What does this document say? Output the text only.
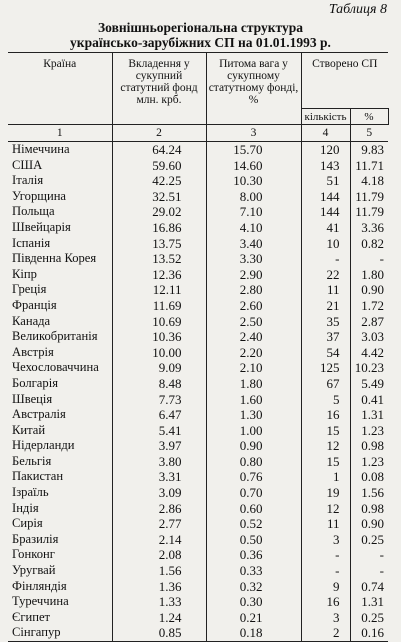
Таблиця 8
Зовнішньорегіональна структура
українсько-зарубіжних СП на 01.01.1993 р.
Країна	Вкладення у сукупний статутний фонд млн. крб.	Питома вага у сукупному статутному фонді, %	Створено СП	
			кількість	%
1	2	3	4	5
Німеччина	64.24	15.70	120	9.83
США	59.60	14.60	143	11.71
Італія	42.25	10.30	51	4.18
Угорщина	32.51	8.00	144	11.79
Польща	29.02	7.10	144	11.79
Швейцарія	16.86	4.10	41	3.36
Іспанія	13.75	3.40	10	0.82
Південна Корея	13.52	3.30	-	-
Кіпр	12.36	2.90	22	1.80
Греція	12.11	2.80	11	0.90
Франція	11.69	2.60	21	1.72
Канада	10.69	2.50	35	2.87
Великобританія	10.36	2.40	37	3.03
Австрія	10.00	2.20	54	4.42
Чехословаччина	9.09	2.10	125	10.23
Болгарія	8.48	1.80	67	5.49
Швеція	7.73	1.60	5	0.41
Австралія	6.47	1.30	16	1.31
Китай	5.41	1.00	15	1.23
Нідерланди	3.97	0.90	12	0.98
Бельгія	3.80	0.80	15	1.23
Пакистан	3.31	0.76	1	0.08
Ізраїль	3.09	0.70	19	1.56
Індія	2.86	0.60	12	0.98
Сирія	2.77	0.52	11	0.90
Бразилія	2.14	0.50	3	0.25
Гонконг	2.08	0.36	-	-
Уругвай	1.56	0.33	-	-
Фінляндія	1.36	0.32	9	0.74
Туреччина	1.33	0.30	16	1.31
Єгипет	1.24	0.21	3	0.25
Сінгапур	0.85	0.18	2	0.16
